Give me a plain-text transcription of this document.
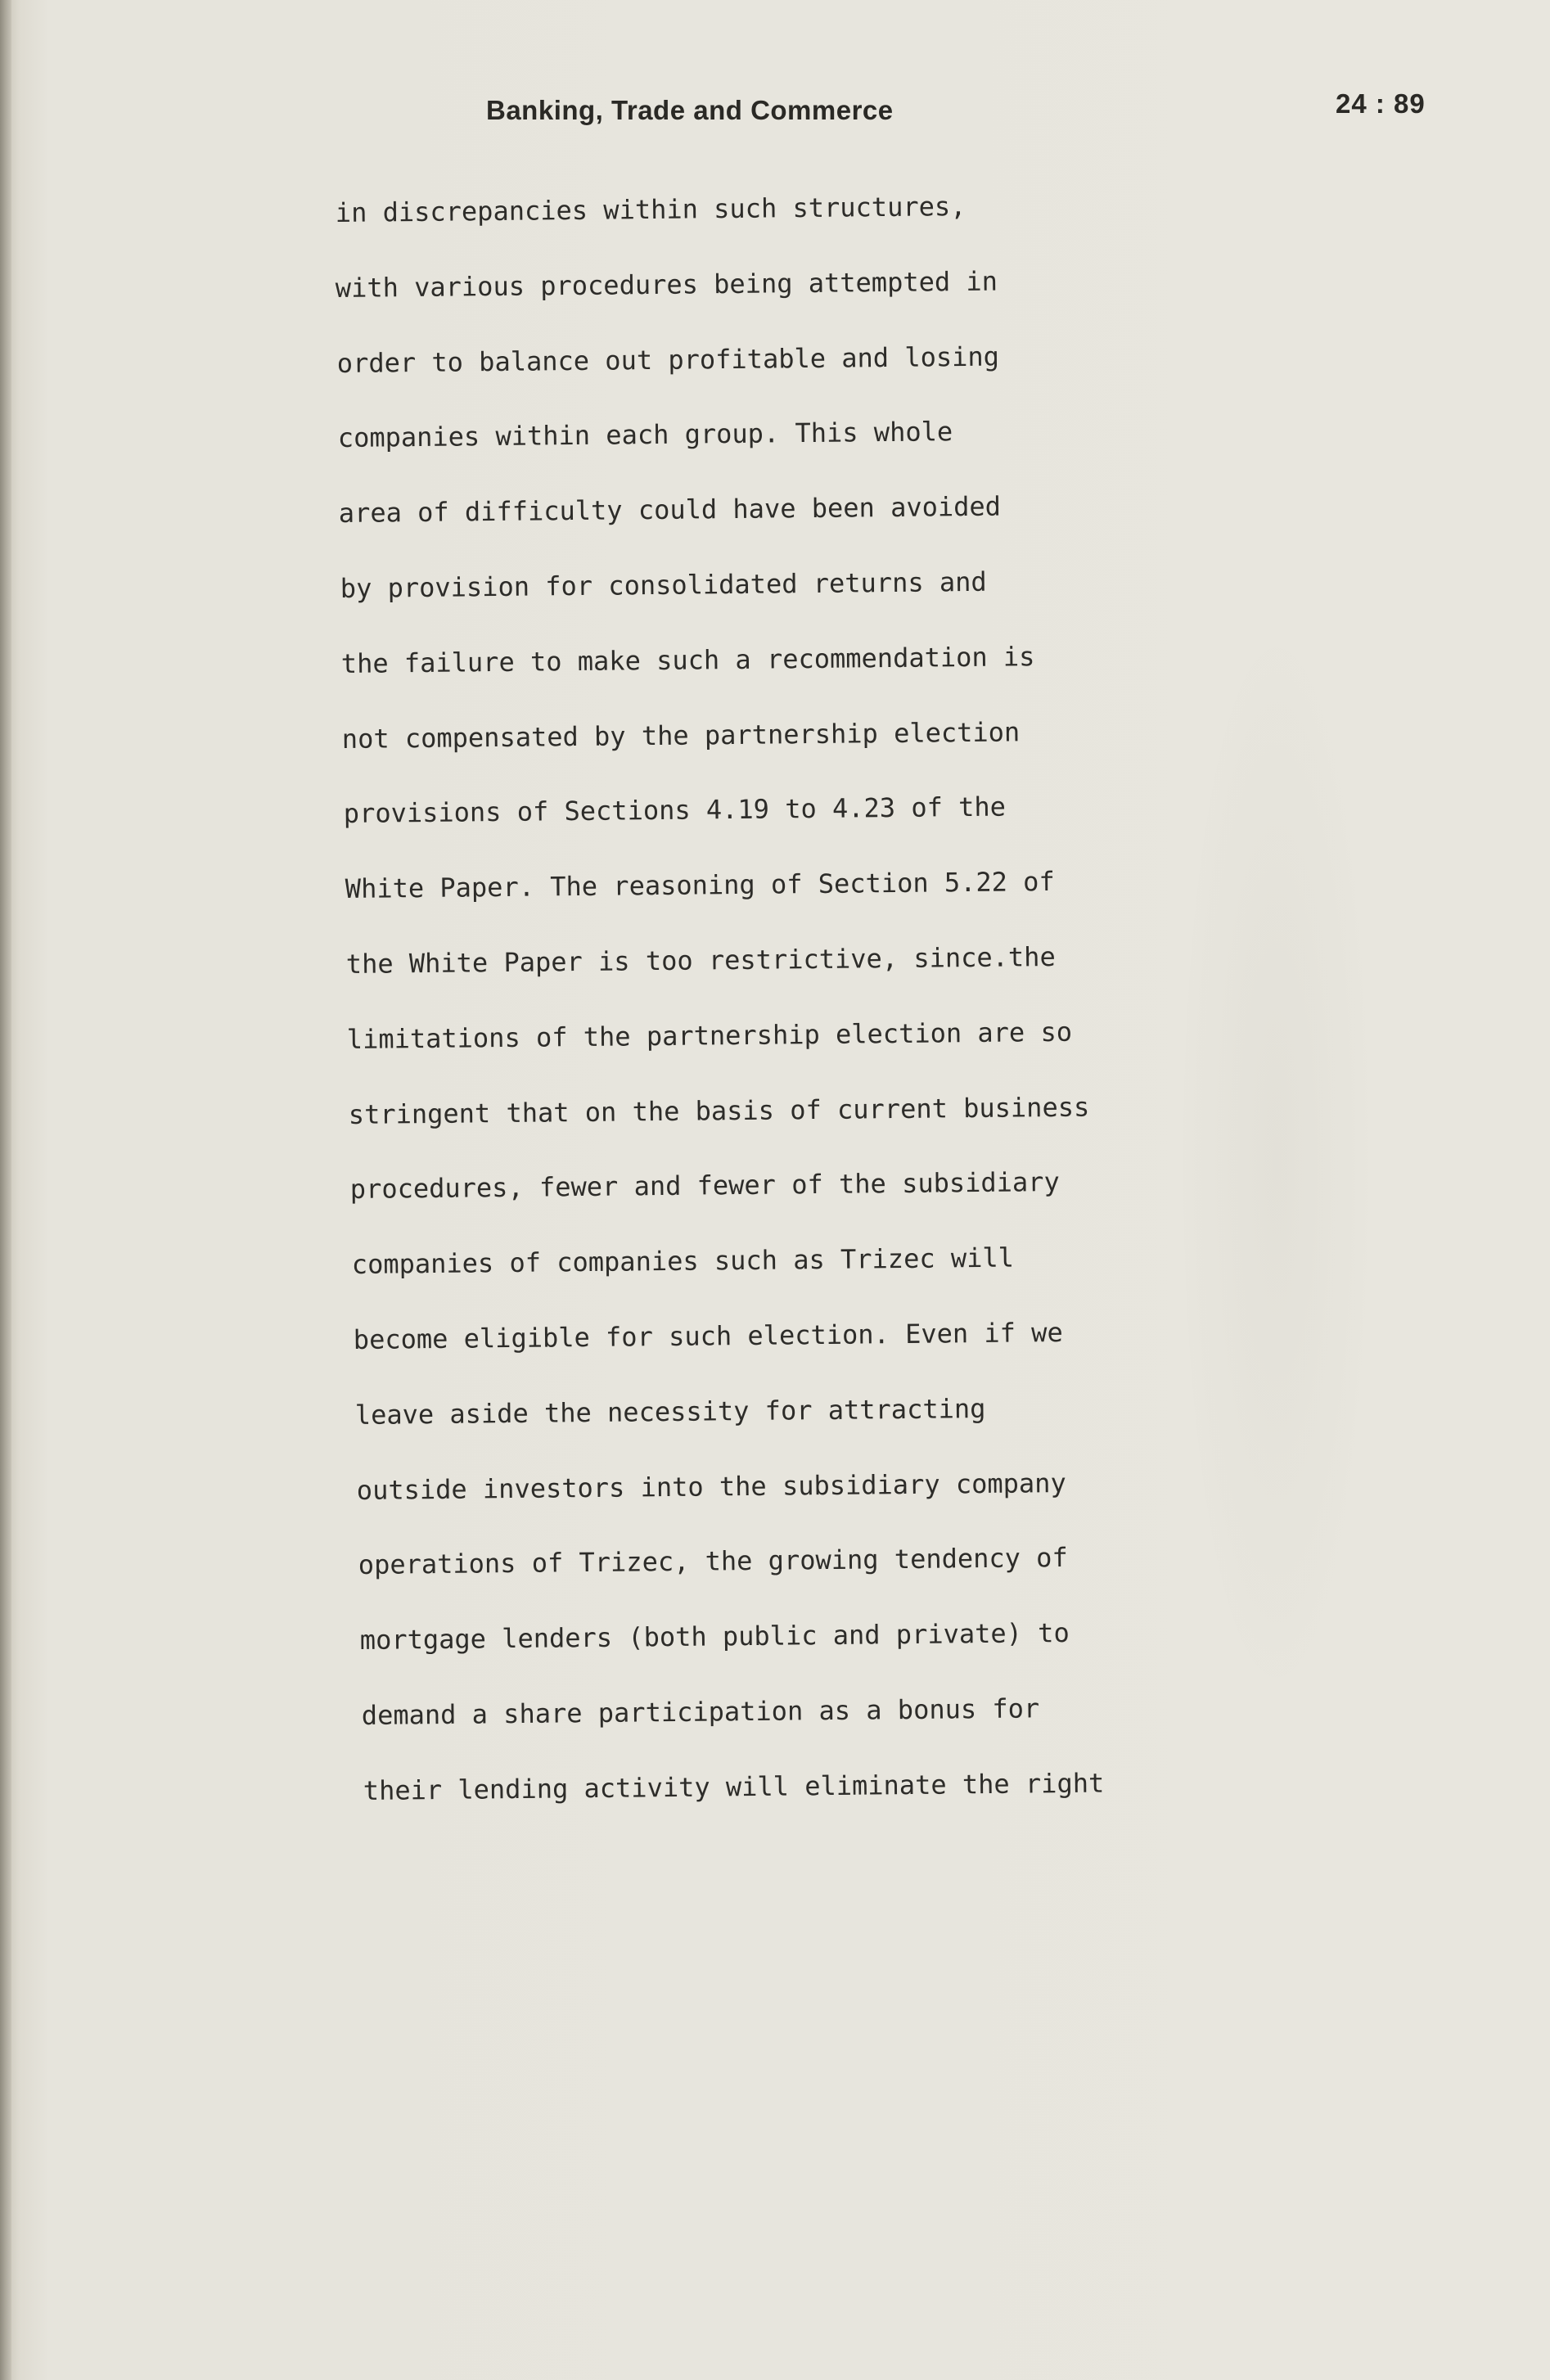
Banking, Trade and Commerce	24 : 89
in discrepancies within such structures,
with various procedures being attempted in
order to balance out profitable and losing
companies within each group. This whole
area of difficulty could have been avoided
by provision for consolidated returns and
the failure to make such a recommendation is
not compensated by the partnership election
provisions of Sections 4.19 to 4.23 of the
White Paper. The reasoning of Section 5.22 of
the White Paper is too restrictive, since.the
limitations of the partnership election are so
stringent that on the basis of current business
procedures, fewer and fewer of the subsidiary
companies of companies such as Trizec will
become eligible for such election. Even if we
leave aside the necessity for attracting
outside investors into the subsidiary company
operations of Trizec, the growing tendency of
mortgage lenders (both public and private) to
demand a share participation as a bonus for
their lending activity will eliminate the right
